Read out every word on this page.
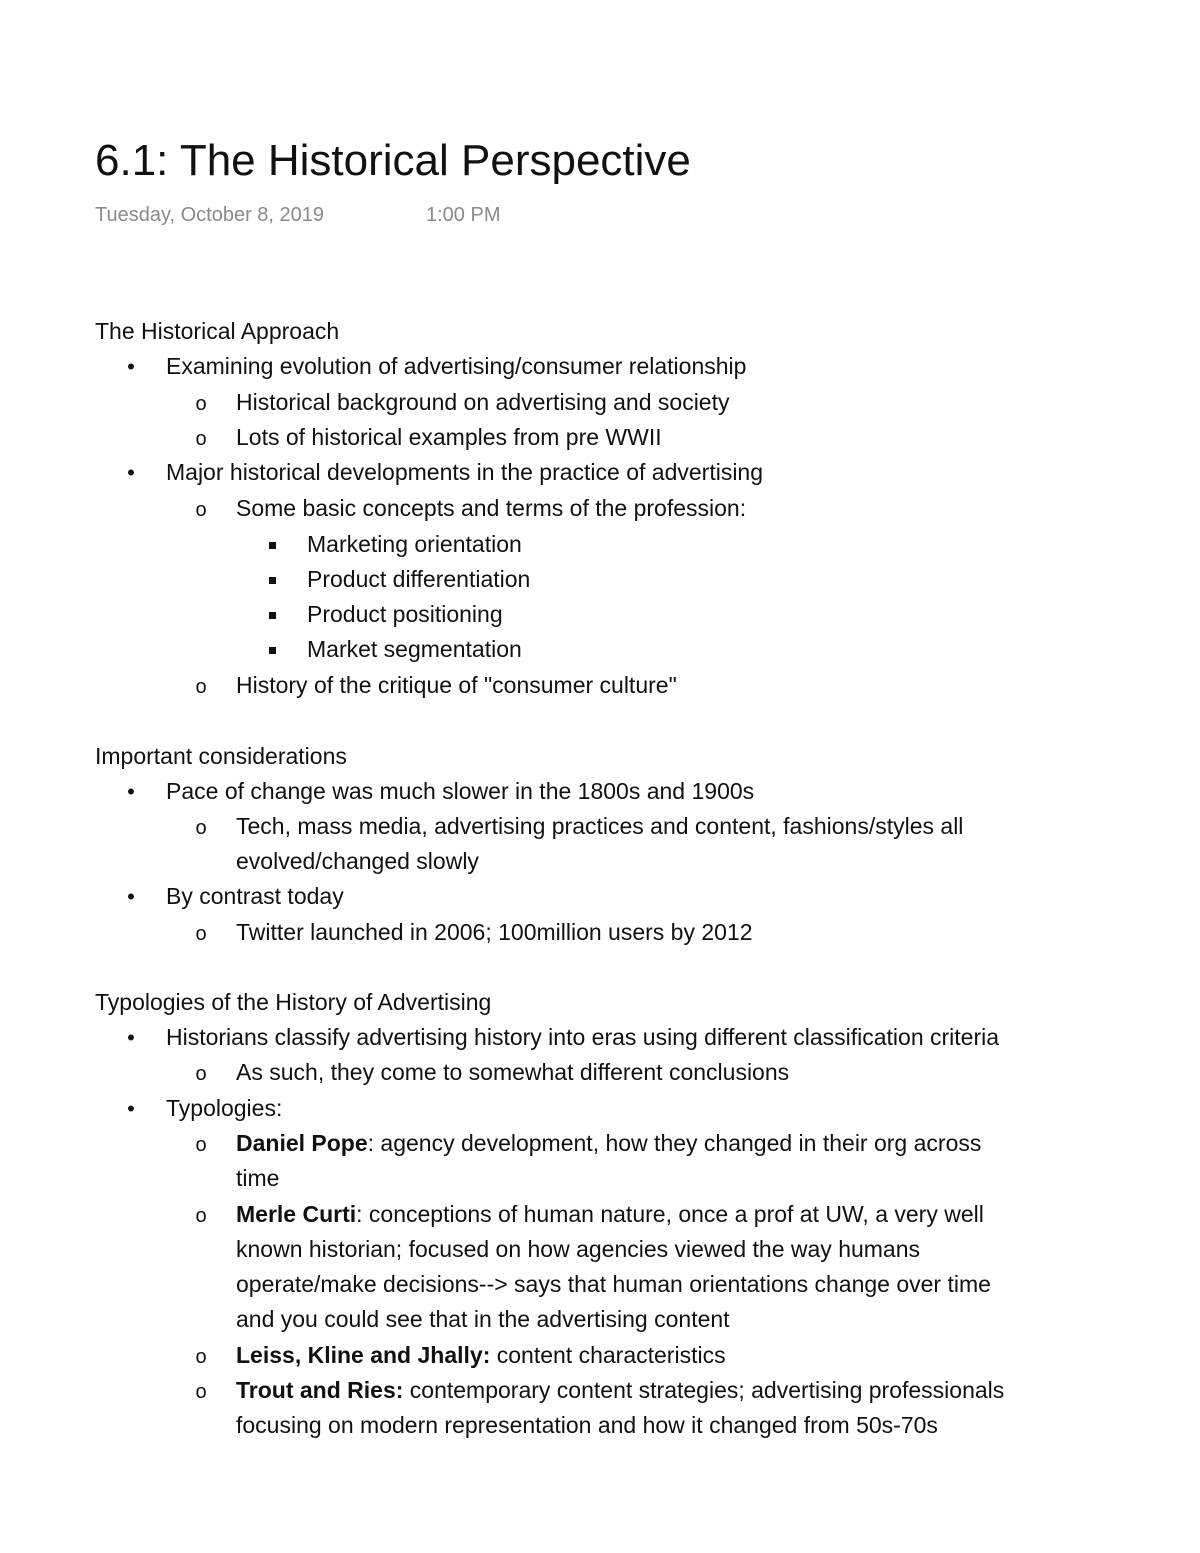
6.1: The Historical Perspective
Tuesday, October 8, 2019	1:00 PM

The Historical Approach

•

Examining evolution of advertising/consumer relationship

o

Historical background on advertising and society

o

Lots of historical examples from pre WWII

•

Major historical developments in the practice of advertising

o

Some basic concepts and terms of the profession:

Marketing orientation

Product differentiation

Product positioning

Market segmentation

o

History of the critique of "consumer culture"

Important considerations

•

Pace of change was much slower in the 1800s and 1900s

o

Tech, mass media, advertising practices and content, fashions/styles all

evolved/changed slowly

•

By contrast today

o

Twitter launched in 2006; 100million users by 2012

Typologies of the History of Advertising

•

Historians classify advertising history into eras using different classification criteria

o

As such, they come to somewhat different conclusions

•

Typologies:

o

Daniel Pope: agency development, how they changed in their org across

time

o

Merle Curti: conceptions of human nature, once a prof at UW, a very well

known historian; focused on how agencies viewed the way humans

operate/make decisions--> says that human orientations change over time

and you could see that in the advertising content

o

Leiss, Kline and Jhally: content characteristics

o

Trout and Ries: contemporary content strategies; advertising professionals

focusing on modern representation and how it changed from 50s-70s
